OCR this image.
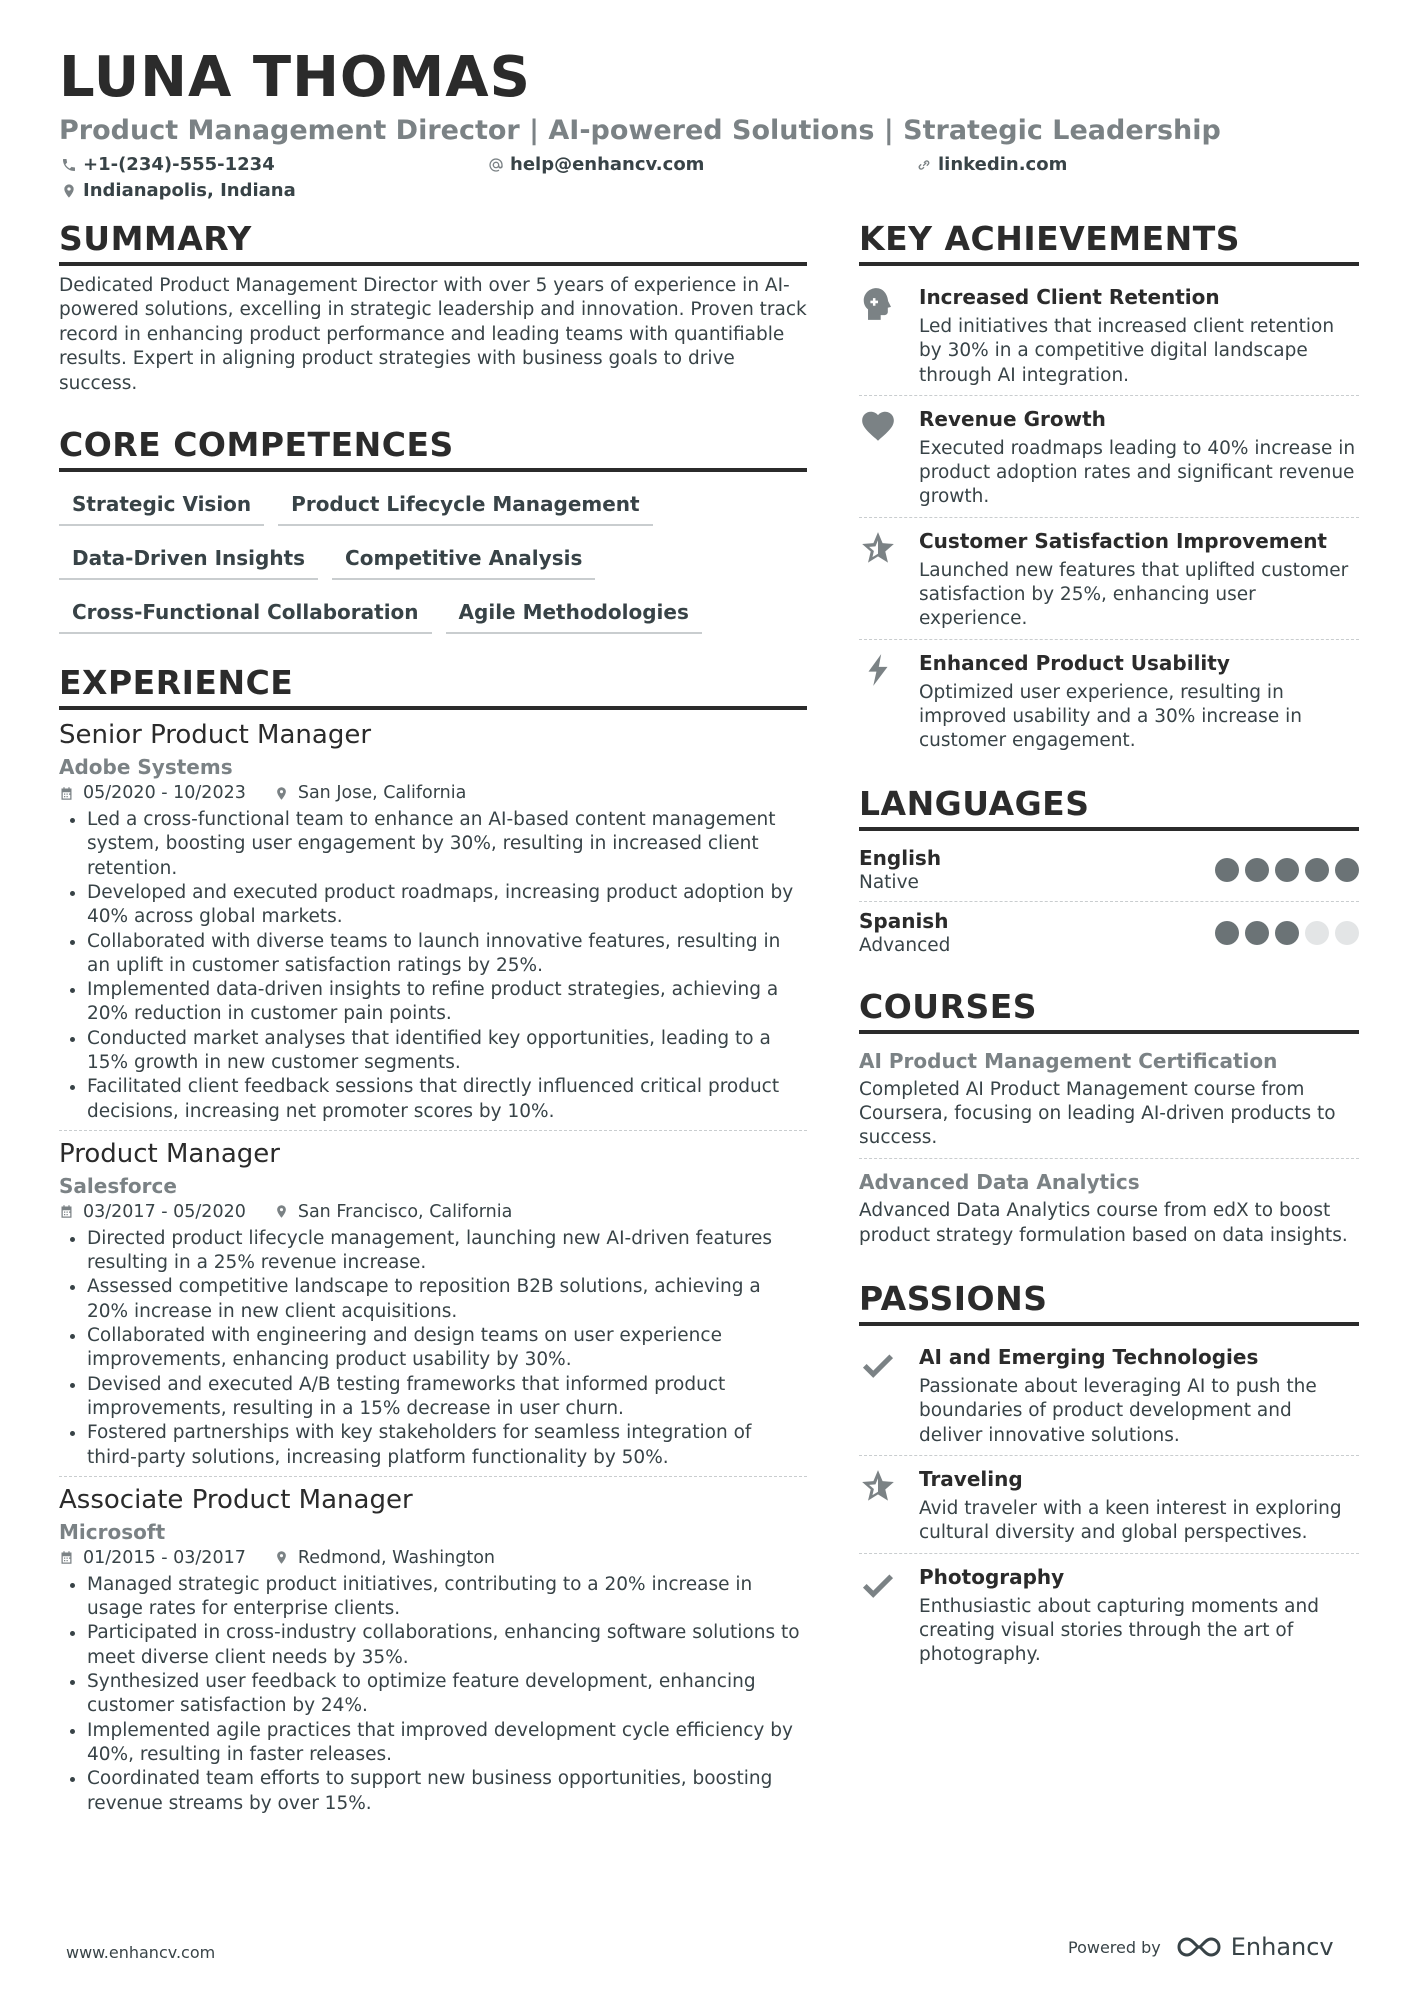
LUNA THOMAS
Product Management Director | AI-powered Solutions | Strategic Leadership
+1-(234)-555-1234	help@enhancv.com	linkedin.com
Indianapolis, Indiana
SUMMARY
Dedicated Product Management Director with over 5 years of experience in AI-powered solutions, excelling in strategic leadership and innovation. Proven track record in enhancing product performance and leading teams with quantifiable results. Expert in aligning product strategies with business goals to drive success.
CORE COMPETENCES
Strategic Vision	Product Lifecycle Management
Data-Driven Insights	Competitive Analysis
Cross-Functional Collaboration	Agile Methodologies
EXPERIENCE
Senior Product Manager
Adobe Systems
05/2020 - 10/2023	San Jose, California
• Led a cross-functional team to enhance an AI-based content management system, boosting user engagement by 30%, resulting in increased client retention.
• Developed and executed product roadmaps, increasing product adoption by 40% across global markets.
• Collaborated with diverse teams to launch innovative features, resulting in an uplift in customer satisfaction ratings by 25%.
• Implemented data-driven insights to refine product strategies, achieving a 20% reduction in customer pain points.
• Conducted market analyses that identified key opportunities, leading to a 15% growth in new customer segments.
• Facilitated client feedback sessions that directly influenced critical product decisions, increasing net promoter scores by 10%.
Product Manager
Salesforce
03/2017 - 05/2020	San Francisco, California
• Directed product lifecycle management, launching new AI-driven features resulting in a 25% revenue increase.
• Assessed competitive landscape to reposition B2B solutions, achieving a 20% increase in new client acquisitions.
• Collaborated with engineering and design teams on user experience improvements, enhancing product usability by 30%.
• Devised and executed A/B testing frameworks that informed product improvements, resulting in a 15% decrease in user churn.
• Fostered partnerships with key stakeholders for seamless integration of third-party solutions, increasing platform functionality by 50%.
Associate Product Manager
Microsoft
01/2015 - 03/2017	Redmond, Washington
• Managed strategic product initiatives, contributing to a 20% increase in usage rates for enterprise clients.
• Participated in cross-industry collaborations, enhancing software solutions to meet diverse client needs by 35%.
• Synthesized user feedback to optimize feature development, enhancing customer satisfaction by 24%.
• Implemented agile practices that improved development cycle efficiency by 40%, resulting in faster releases.
• Coordinated team efforts to support new business opportunities, boosting revenue streams by over 15%.
KEY ACHIEVEMENTS
Increased Client Retention
Led initiatives that increased client retention by 30% in a competitive digital landscape through AI integration.
Revenue Growth
Executed roadmaps leading to 40% increase in product adoption rates and significant revenue growth.
Customer Satisfaction Improvement
Launched new features that uplifted customer satisfaction by 25%, enhancing user experience.
Enhanced Product Usability
Optimized user experience, resulting in improved usability and a 30% increase in customer engagement.
LANGUAGES
English
Native
Spanish
Advanced
COURSES
AI Product Management Certification
Completed AI Product Management course from Coursera, focusing on leading AI-driven products to success.
Advanced Data Analytics
Advanced Data Analytics course from edX to boost product strategy formulation based on data insights.
PASSIONS
AI and Emerging Technologies
Passionate about leveraging AI to push the boundaries of product development and deliver innovative solutions.
Traveling
Avid traveler with a keen interest in exploring cultural diversity and global perspectives.
Photography
Enthusiastic about capturing moments and creating visual stories through the art of photography.
www.enhancv.com	Powered by	Enhancv
